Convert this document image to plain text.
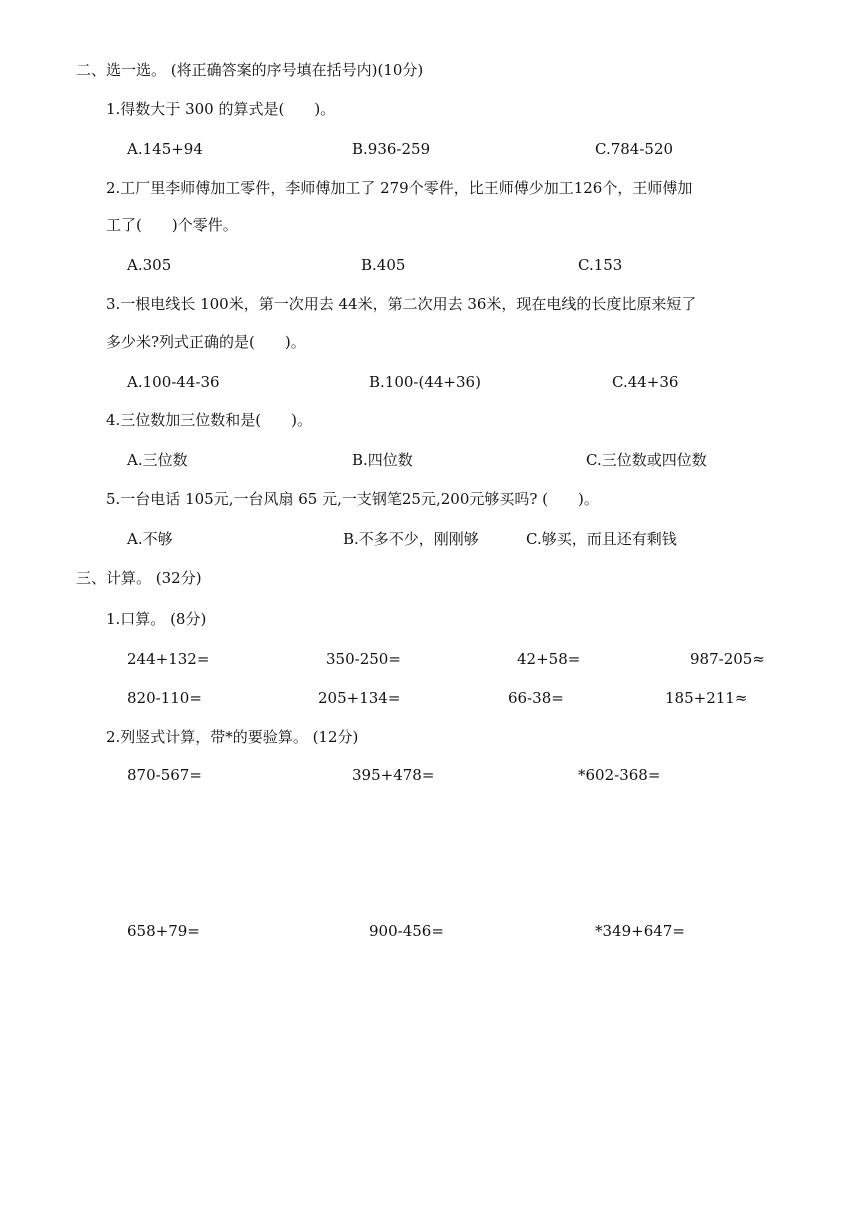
二、选一选。 (将正确答案的序号填在括号内)(10分)
1.得数大于 300 的算式是(　　)。
A.145+94	B.936-259	C.784-520
2.工厂里李师傅加工零件，李师傅加工了 279个零件，比王师傅少加工126个，王师傅加
工了(　　)个零件。
A.305	B.405	C.153
3.一根电线长 100米，第一次用去 44米，第二次用去 36米，现在电线的长度比原来短了
多少米?列式正确的是(　　)。
A.100-44-36	B.100-(44+36)	C.44+36
4.三位数加三位数和是(　　)。
A.三位数	B.四位数	C.三位数或四位数
5.一台电话 105元,一台风扇 65 元,一支钢笔25元,200元够买吗? (　　)。
A.不够	B.不多不少，刚刚够	C.够买，而且还有剩钱
三、计算。 (32分)
1.口算。 (8分)
244+132=	350-250=	42+58=	987-205≈
820-110=	205+134=	66-38=	185+211≈
2.列竖式计算，带*的要验算。 (12分)
870-567=	395+478=	*602-368=
658+79=	900-456=	*349+647=
